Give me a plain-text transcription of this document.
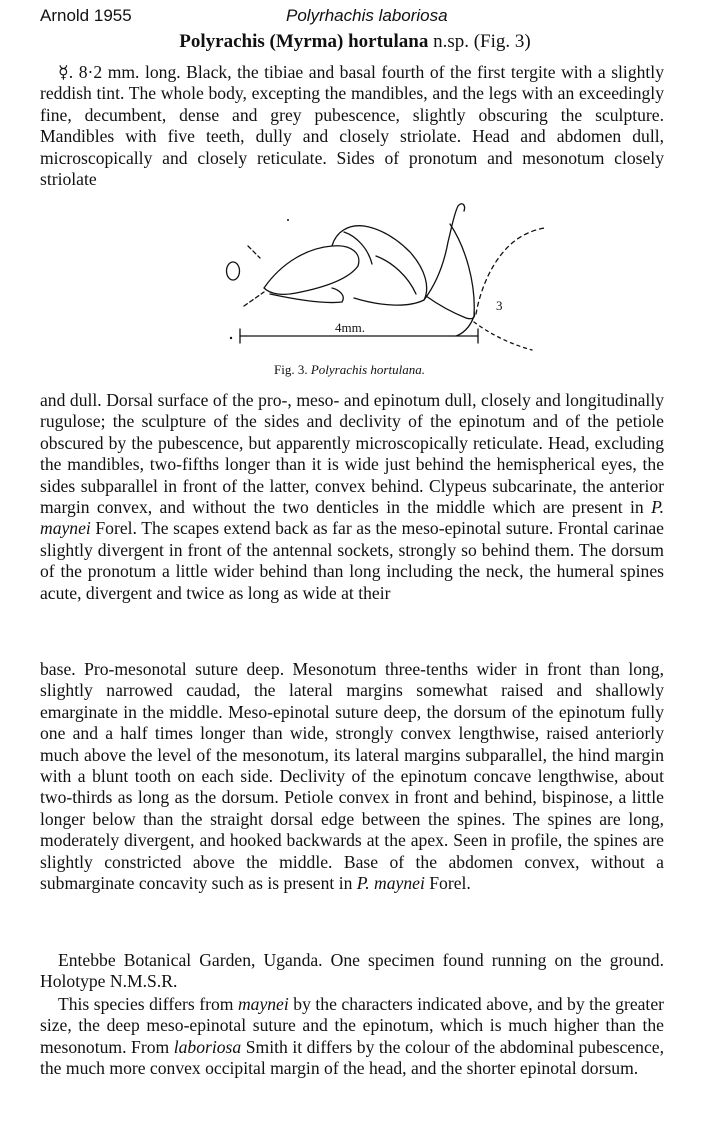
Arnold 1955	Polyrhachis laboriosa
Polyrachis (Myrma) hortulana n.sp. (Fig. 3)

☿. 8·2 mm. long. Black, the tibiae and basal fourth of the first tergite with a slightly reddish tint. The whole body, excepting the mandibles, and the legs with an exceedingly fine, decumbent, dense and grey pubescence, slightly obscuring the sculpture. Mandibles with five teeth, dully and closely striolate. Head and abdomen dull, microscopically and closely reticulate. Sides of pronotum and mesonotum closely striolate

4mm.
3
Fig. 3. Polyrachis hortulana.

and dull. Dorsal surface of the pro-, meso- and epinotum dull, closely and longitudinally rugulose; the sculpture of the sides and declivity of the epinotum and of the petiole obscured by the pubescence, but apparently microscopically reticulate. Head, excluding the mandibles, two-fifths longer than it is wide just behind the hemispherical eyes, the sides subparallel in front of the latter, convex behind. Clypeus subcarinate, the anterior margin convex, and without the two denticles in the middle which are present in P. maynei Forel. The scapes extend back as far as the meso-epinotal suture. Frontal carinae slightly divergent in front of the antennal sockets, strongly so behind them. The dorsum of the pronotum a little wider behind than long including the neck, the humeral spines acute, divergent and twice as long as wide at their

base. Pro-mesonotal suture deep. Mesonotum three-tenths wider in front than long, slightly narrowed caudad, the lateral margins somewhat raised and shallowly emarginate in the middle. Meso-epinotal suture deep, the dorsum of the epinotum fully one and a half times longer than wide, strongly convex lengthwise, raised anteriorly much above the level of the mesonotum, its lateral margins subparallel, the hind margin with a blunt tooth on each side. Declivity of the epinotum concave lengthwise, about two-thirds as long as the dorsum. Petiole convex in front and behind, bispinose, a little longer below than the straight dorsal edge between the spines. The spines are long, moderately divergent, and hooked backwards at the apex. Seen in profile, the spines are slightly constricted above the middle. Base of the abdomen convex, without a submarginate concavity such as is present in P. maynei Forel.

Entebbe Botanical Garden, Uganda. One specimen found running on the ground. Holotype N.M.S.R.

This species differs from maynei by the characters indicated above, and by the greater size, the deep meso-epinotal suture and the epinotum, which is much higher than the mesonotum. From laboriosa Smith it differs by the colour of the abdominal pubescence, the much more convex occipital margin of the head, and the shorter epinotal dorsum.
